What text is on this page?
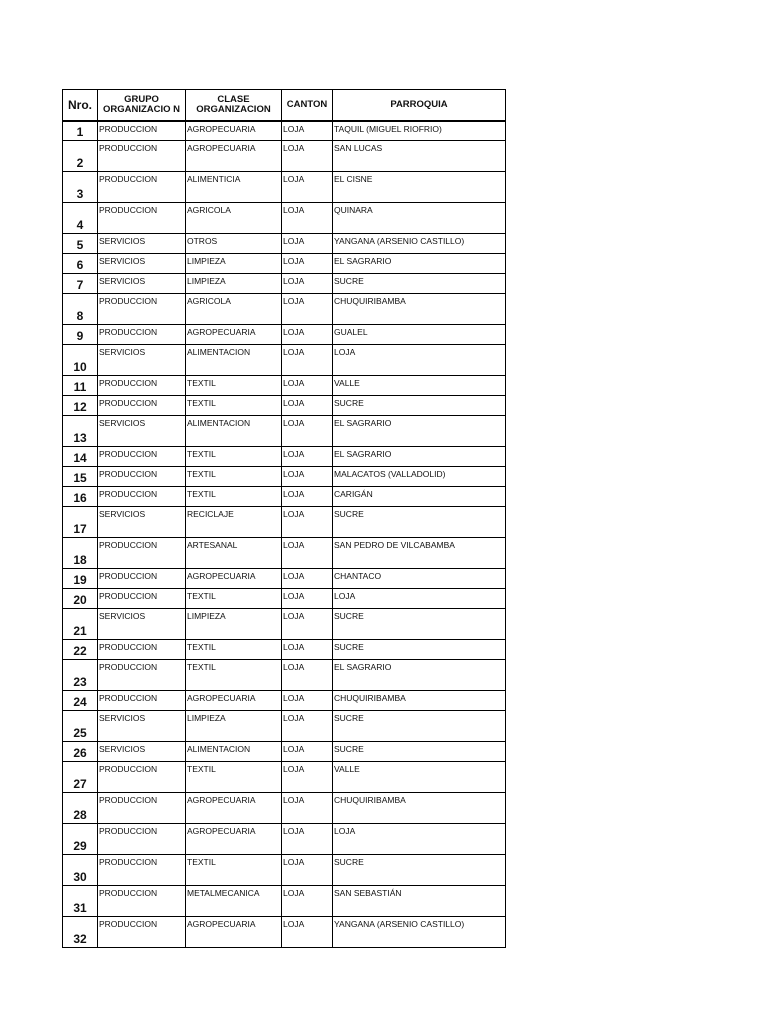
Nro.	GRUPO ORGANIZACIO N	CLASE ORGANIZACION	CANTON	PARROQUIA
1	PRODUCCION	AGROPECUARIA	LOJA	TAQUIL (MIGUEL RIOFRIO)
2	PRODUCCION	AGROPECUARIA	LOJA	SAN LUCAS
3	PRODUCCION	ALIMENTICIA	LOJA	EL CISNE
4	PRODUCCION	AGRICOLA	LOJA	QUINARA
5	SERVICIOS	OTROS	LOJA	YANGANA (ARSENIO CASTILLO)
6	SERVICIOS	LIMPIEZA	LOJA	EL SAGRARIO
7	SERVICIOS	LIMPIEZA	LOJA	SUCRE
8	PRODUCCION	AGRICOLA	LOJA	CHUQUIRIBAMBA
9	PRODUCCION	AGROPECUARIA	LOJA	GUALEL
10	SERVICIOS	ALIMENTACION	LOJA	LOJA
11	PRODUCCION	TEXTIL	LOJA	VALLE
12	PRODUCCION	TEXTIL	LOJA	SUCRE
13	SERVICIOS	ALIMENTACION	LOJA	EL SAGRARIO
14	PRODUCCION	TEXTIL	LOJA	EL SAGRARIO
15	PRODUCCION	TEXTIL	LOJA	MALACATOS (VALLADOLID)
16	PRODUCCION	TEXTIL	LOJA	CARIGÁN
17	SERVICIOS	RECICLAJE	LOJA	SUCRE
18	PRODUCCION	ARTESANAL	LOJA	SAN PEDRO DE VILCABAMBA
19	PRODUCCION	AGROPECUARIA	LOJA	CHANTACO
20	PRODUCCION	TEXTIL	LOJA	LOJA
21	SERVICIOS	LIMPIEZA	LOJA	SUCRE
22	PRODUCCION	TEXTIL	LOJA	SUCRE
23	PRODUCCION	TEXTIL	LOJA	EL SAGRARIO
24	PRODUCCION	AGROPECUARIA	LOJA	CHUQUIRIBAMBA
25	SERVICIOS	LIMPIEZA	LOJA	SUCRE
26	SERVICIOS	ALIMENTACION	LOJA	SUCRE
27	PRODUCCION	TEXTIL	LOJA	VALLE
28	PRODUCCION	AGROPECUARIA	LOJA	CHUQUIRIBAMBA
29	PRODUCCION	AGROPECUARIA	LOJA	LOJA
30	PRODUCCION	TEXTIL	LOJA	SUCRE
31	PRODUCCION	METALMECANICA	LOJA	SAN SEBASTIÁN
32	PRODUCCION	AGROPECUARIA	LOJA	YANGANA (ARSENIO CASTILLO)
